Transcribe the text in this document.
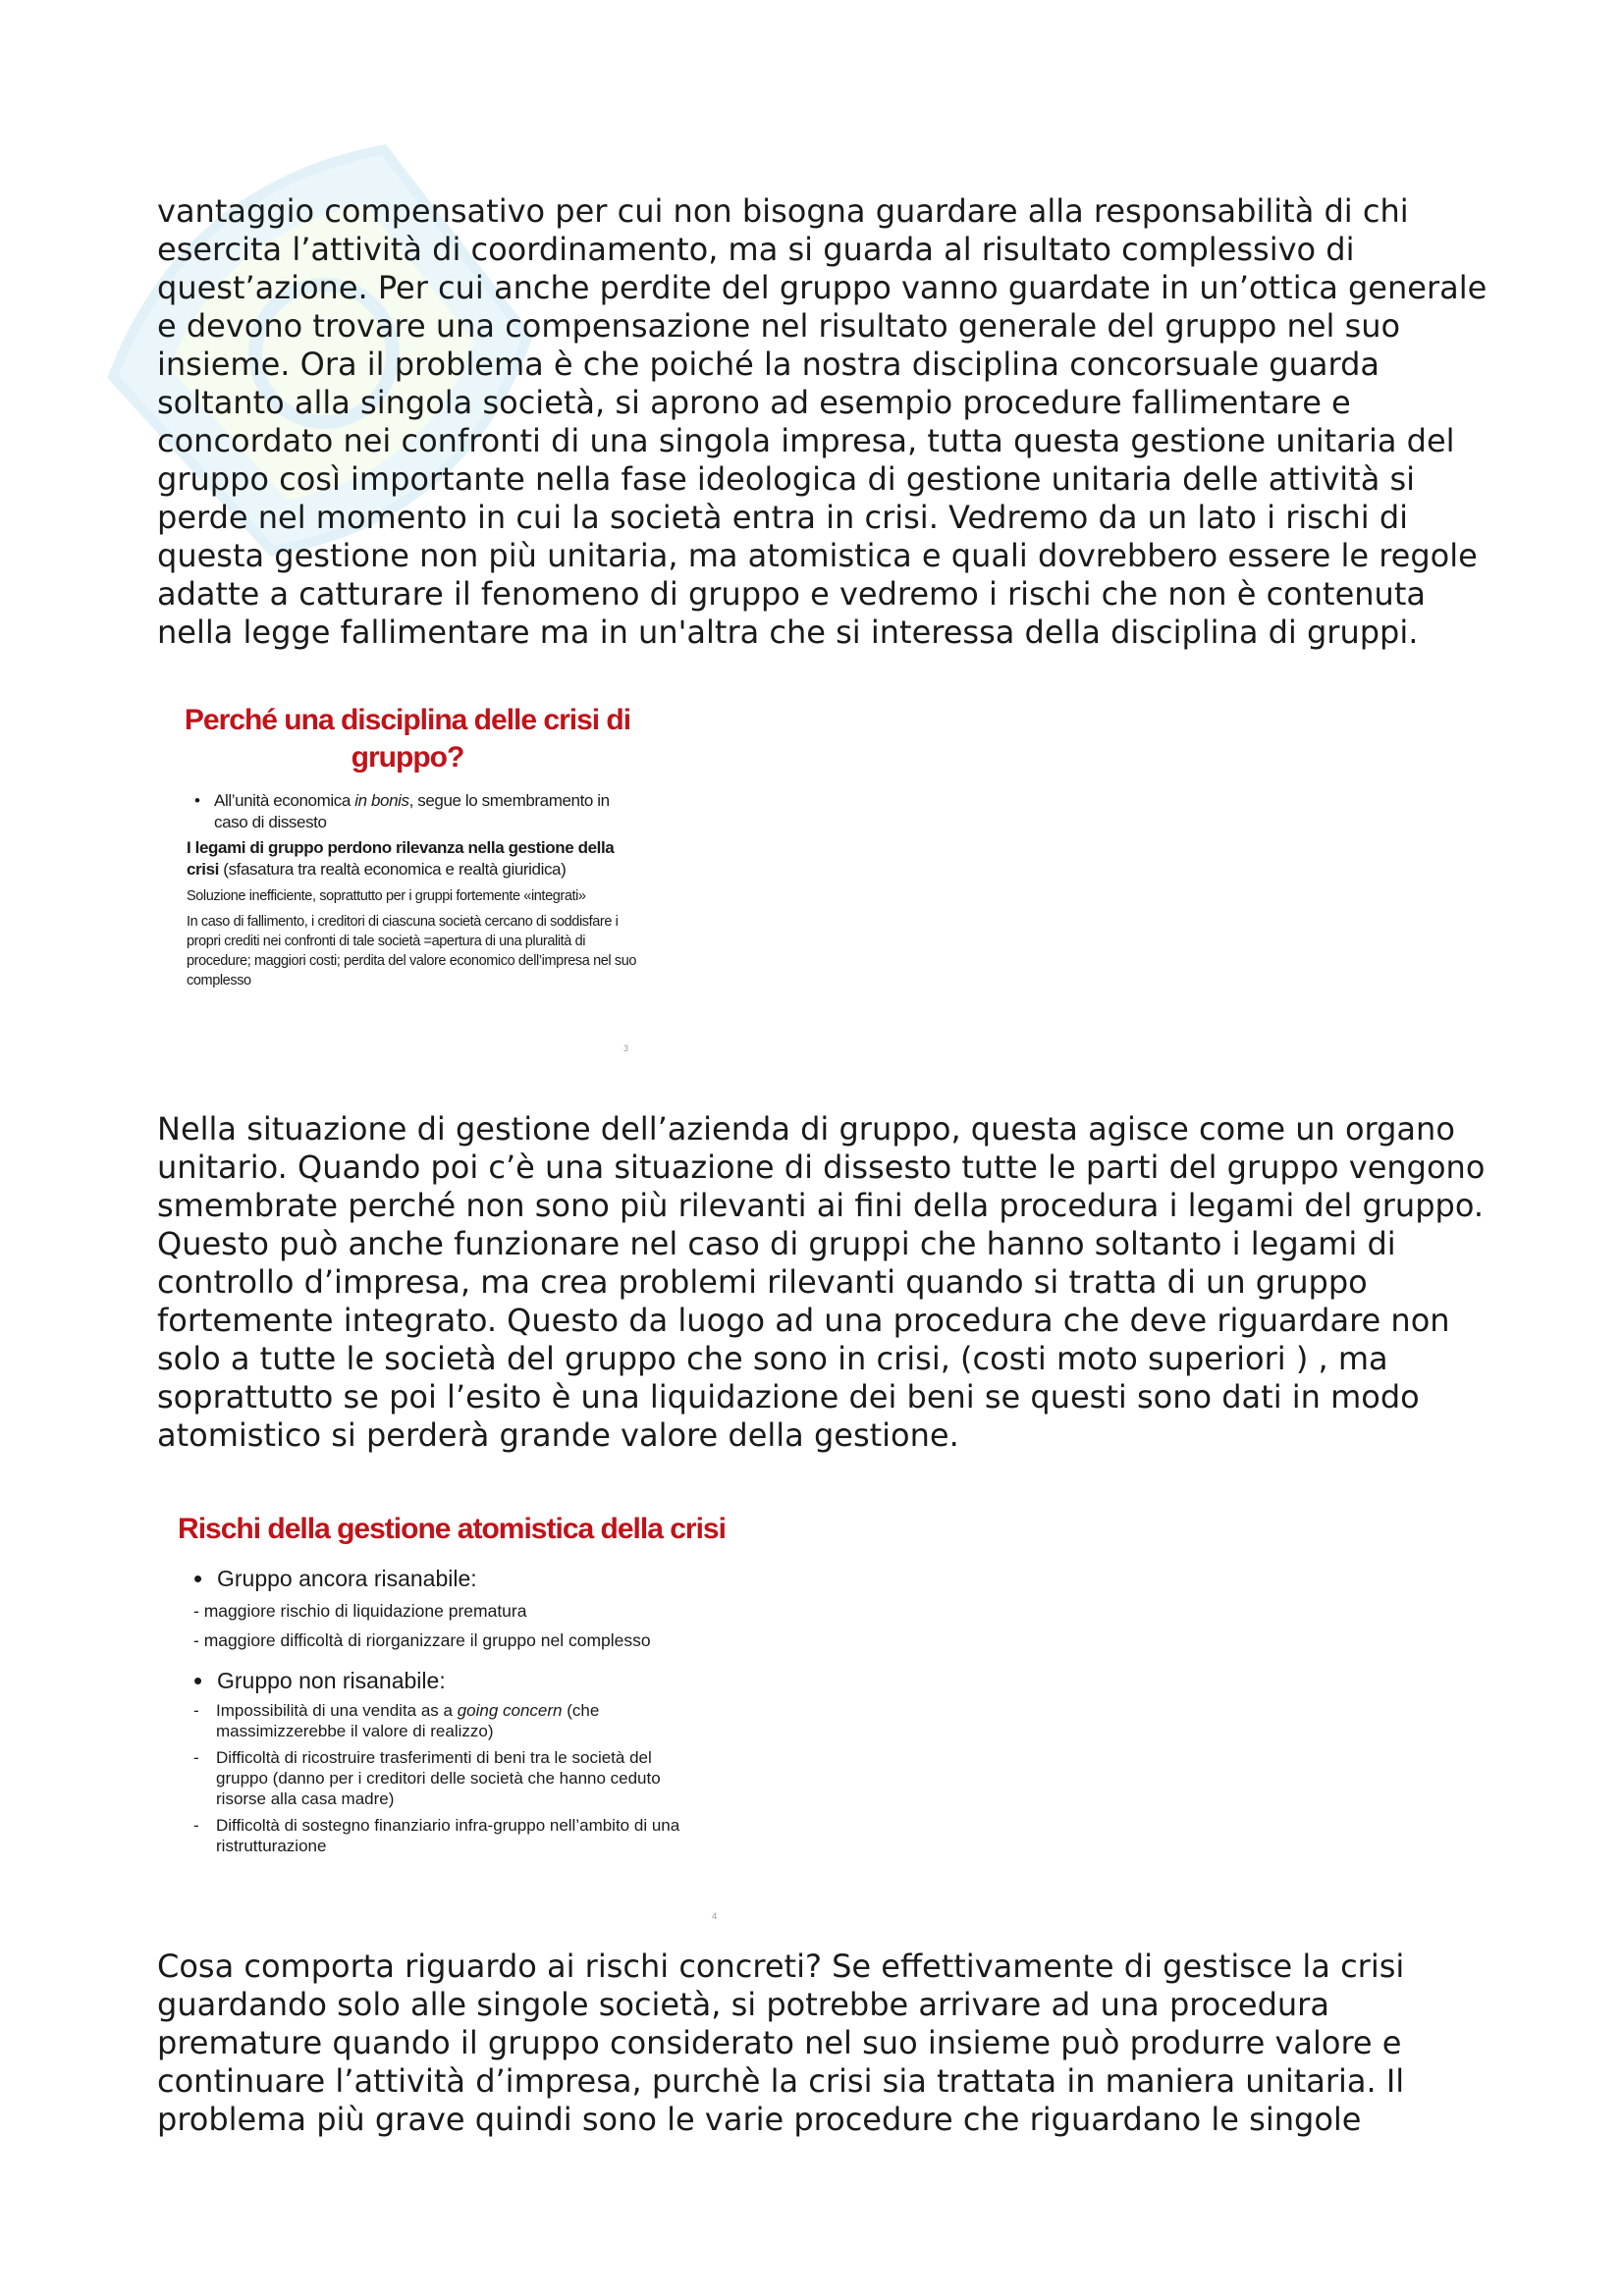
vantaggio compensativo per cui non bisogna guardare alla responsabilità di chi esercita l’attività di coordinamento, ma si guarda al risultato complessivo di quest’azione. Per cui anche perdite del gruppo vanno guardate in un’ottica generale e devono trovare una compensazione nel risultato generale del gruppo nel suo insieme. Ora il problema è che poiché la nostra disciplina concorsuale guarda soltanto alla singola società, si aprono ad esempio procedure fallimentare e concordato nei confronti di una singola impresa, tutta questa gestione unitaria del gruppo così importante nella fase ideologica di gestione unitaria delle attività si perde nel momento in cui la società entra in crisi. Vedremo da un lato i rischi di questa gestione non più unitaria, ma atomistica e quali dovrebbero essere le regole adatte a catturare il fenomeno di gruppo e vedremo i rischi che non è contenuta nella legge fallimentare ma in un'altra che si interessa della disciplina di gruppi.

Perché una disciplina delle crisi di gruppo?

• All’unità economica in bonis, segue lo smembramento in caso di dissesto
I legami di gruppo perdono rilevanza nella gestione della crisi (sfasatura tra realtà economica e realtà giuridica)
Soluzione inefficiente, soprattutto per i gruppi fortemente «integrati»
In caso di fallimento, i creditori di ciascuna società cercano di soddisfare i propri crediti nei confronti di tale società =apertura di una pluralità di procedure; maggiori costi; perdita del valore economico dell’impresa nel suo complesso
3

Nella situazione di gestione dell’azienda di gruppo, questa agisce come un organo unitario. Quando poi c’è una situazione di dissesto tutte le parti del gruppo vengono smembrate perché non sono più rilevanti ai fini della procedura i legami del gruppo. Questo può anche funzionare nel caso di gruppi che hanno soltanto i legami di controllo d’impresa, ma crea problemi rilevanti quando si tratta di un gruppo fortemente integrato. Questo da luogo ad una procedura che deve riguardare non solo a tutte le società del gruppo che sono in crisi, (costi moto superiori ) , ma soprattutto se poi l’esito è una liquidazione dei beni se questi sono dati in modo atomistico si perderà grande valore della gestione.

Rischi della gestione atomistica della crisi

• Gruppo ancora risanabile:
- maggiore rischio di liquidazione prematura
- maggiore difficoltà di riorganizzare il gruppo nel complesso
• Gruppo non risanabile:
- Impossibilità di una vendita as a going concern (che massimizzerebbe il valore di realizzo)
- Difficoltà di ricostruire trasferimenti di beni tra le società del gruppo (danno per i creditori delle società che hanno ceduto risorse alla casa madre)
- Difficoltà di sostegno finanziario infra-gruppo nell’ambito di una ristrutturazione
4

Cosa comporta riguardo ai rischi concreti? Se effettivamente di gestisce la crisi guardando solo alle singole società, si potrebbe arrivare ad una procedura premature quando il gruppo considerato nel suo insieme può produrre valore e continuare l’attività d’impresa, purchè la crisi sia trattata in maniera unitaria. Il problema più grave quindi sono le varie procedure che riguardano le singole
